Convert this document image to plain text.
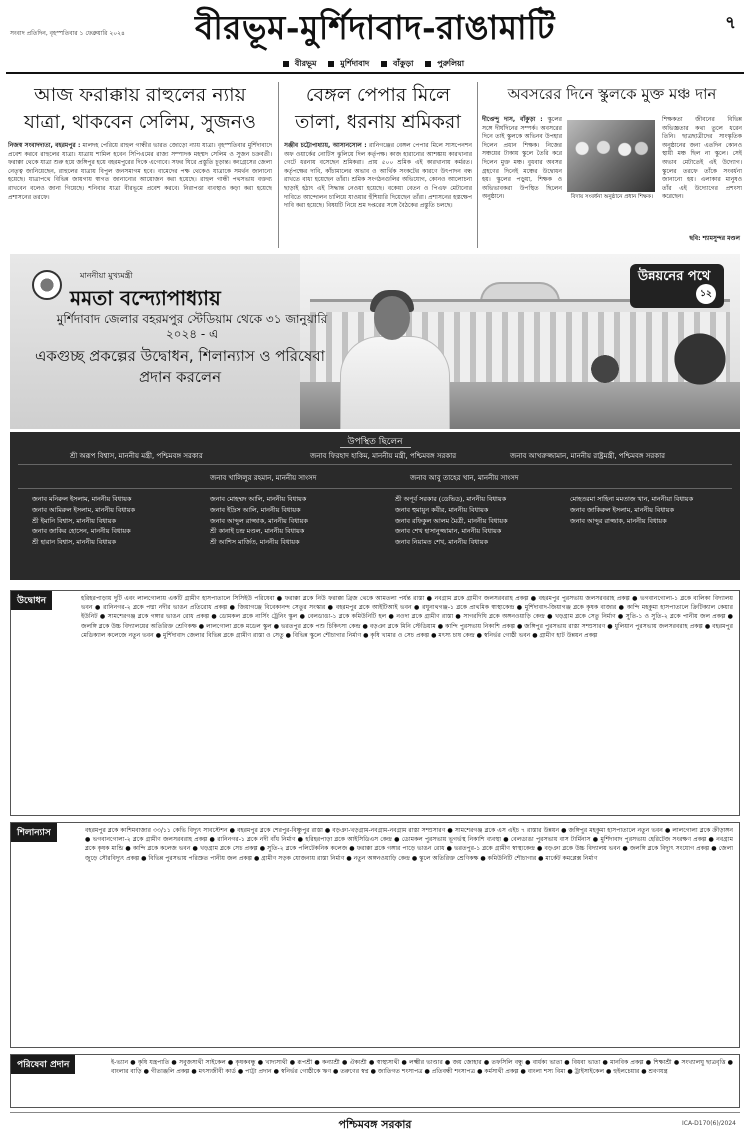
সংবাদ প্রতিদিন, বৃহস্পতিবার ১ ফেব্রুয়ারি ২০২৪	বীরভূম-মুর্শিদাবাদ-রাঙামাটি	৭
বীরভূম	মুর্শিদাবাদ	বাঁকুড়া	পুরুলিয়া
আজ ফরাক্কায় রাহুলের ন্যায়
যাত্রা, থাকবেন সেলিম, সুজনও

নিজস্ব সংবাদদাতা, বহরমপুর : মালদহ পেরিয়ে রাহুল গান্ধীর ভারত জোড়ো ন্যায় যাত্রা। বৃহস্পতিবার মুর্শিদাবাদে প্রবেশ করবে রাহুলের যাত্রা। যাত্রায় শামিল হবেন সিপিএমের রাজ্য সম্পাদক মহম্মদ সেলিম ও সুজন চক্রবর্তী। ফরাক্কা থেকে যাত্রা শুরু হয়ে জঙ্গিপুর হয়ে বহরমপুরের দিকে এগোবে। সফর ঘিরে প্রস্তুতি চূড়ান্ত। কংগ্রেসের জেলা নেতৃত্ব জানিয়েছেন, রাহুলের যাত্রায় বিপুল জনসমাগম হবে। বামেদের পক্ষ থেকেও যাত্রাকে সমর্থন জানানো হয়েছে। যাত্রাপথে বিভিন্ন জায়গায় স্বাগত জানানোর আয়োজন করা হয়েছে। রাহুল গান্ধী পথসভায় বক্তব্য রাখবেন বলেও জানা গিয়েছে। শনিবার যাত্রা বীরভূমে প্রবেশ করবে। নিরাপত্তা ব্যবস্থাও কড়া করা হয়েছে প্রশাসনের তরফে।

বেঙ্গল পেপার মিলে
তালা, ধরনায় শ্রমিকরা

সঞ্জীব চট্টোপাধ্যায়, আসানসোল : রানিগঞ্জের বেঙ্গল পেপার মিলে সাসপেনশন অফ ওয়ার্কের নোটিস ঝুলিয়ে দিল কর্তৃপক্ষ। কাজ হারানোর আশঙ্কায় কারখানার গেটে ধরনায় বসেছেন শ্রমিকরা। প্রায় ৫০০ শ্রমিক এই কারখানায় কর্মরত। কর্তৃপক্ষের দাবি, কাঁচামালের অভাব ও আর্থিক সংকটের কারণে উৎপাদন বন্ধ রাখতে বাধ্য হয়েছেন তাঁরা। শ্রমিক সংগঠনগুলির অভিযোগ, কোনও আলোচনা ছাড়াই হঠাৎ এই সিদ্ধান্ত নেওয়া হয়েছে। বকেয়া বেতন ও পিএফ মেটানোর দাবিতে আন্দোলন চালিয়ে যাওয়ার হুঁশিয়ারি দিয়েছেন তাঁরা। প্রশাসনের হস্তক্ষেপ দাবি করা হয়েছে। বিষয়টি নিয়ে শ্রম দপ্তরের সঙ্গে বৈঠকের প্রস্তুতি চলছে।

অবসরের দিনে স্কুলকে মুক্ত মঞ্চ দান

দীপ্তেন্দু দাস, বাঁকুড়া : স্কুলের সঙ্গে দীর্ঘদিনের সম্পর্ক। অবসরের দিনে তাই স্কুলকে অভিনব উপহার দিলেন প্রধান শিক্ষক। নিজের সঞ্চয়ের টাকায় স্কুলে তৈরি করে দিলেন মুক্ত মঞ্চ। বুধবার অবসর গ্রহণের দিনেই মঞ্চের উদ্বোধন হয়। স্কুলের পড়ুয়া, শিক্ষক ও অভিভাবকরা উপস্থিত ছিলেন অনুষ্ঠানে।	বিদায় সংবর্ধনা অনুষ্ঠানে প্রধান শিক্ষক।

শিক্ষকতা জীবনের বিভিন্ন অভিজ্ঞতার কথা তুলে ধরেন তিনি। ছাত্রছাত্রীদের সাংস্কৃতিক অনুষ্ঠানের জন্য এতদিন কোনও স্থায়ী মঞ্চ ছিল না স্কুলে। সেই অভাব মেটাতেই এই উদ্যোগ। স্কুলের তরফে তাঁকে সংবর্ধনা জানানো হয়। এলাকার মানুষও তাঁর এই উদ্যোগের প্রশংসা করেছেন।

ছবি: শ্যামসুন্দর মণ্ডল
মাননীয়া মুখ্যমন্ত্রী
মমতা বন্দ্যোপাধ্যায়
মুর্শিদাবাদ জেলার বহরমপুর স্টেডিয়াম থেকে ৩১ জানুয়ারি ২০২৪ - এ
একগুচ্ছ প্রকল্পের উদ্বোধন, শিলান্যাস ও পরিষেবা প্রদান করলেন
উন্নয়নের পথে
১২
উপস্থিত ছিলেন
শ্রী অরূপ বিশ্বাস, মাননীয় মন্ত্রী, পশ্চিমবঙ্গ সরকার	জনাব ফিরহাদ হাকিম, মাননীয় মন্ত্রী, পশ্চিমবঙ্গ সরকার	জনাব আখরুজ্জামান, মাননীয় রাষ্ট্রমন্ত্রী, পশ্চিমবঙ্গ সরকার
জনাব খালিলুর রহমান, মাননীয় সাংসদ	জনাব আবু তাহের খান, মাননীয় সাংসদ
জনাব মনিরুল ইসলাম, মাননীয় বিধায়ক
জনাব আমিরুল ইসলাম, মাননীয় বিধায়ক
শ্রী ইমানি বিশ্বাস, মাননীয় বিধায়ক
জনাব জাকির হোসেন, মাননীয় বিধায়ক
শ্রী হারান বিশ্বাস, মাননীয় বিধায়ক
জনাব মোহম্মদ আলি, মাননীয় বিধায়ক
জনাব ইদ্রিস আলি, মাননীয় বিধায়ক
জনাব আব্দুল রাজ্জাক, মাননীয় বিধায়ক
শ্রী কানাই চন্দ্র মণ্ডল, মাননীয় বিধায়ক
শ্রী আশিস মার্জিত, মাননীয় বিধায়ক
শ্রী অপূর্ব সরকার (ডেভিড), মাননীয় বিধায়ক
জনাব হুমায়ুন কবীর, মাননীয় বিধায়ক
জনাব রফিকুল আলম মৈত্রী, মাননীয় বিধায়ক
জনাব শেখ হাসানুজ্জামান, মাননীয় বিধায়ক
জনাব নিয়ামত শেখ, মাননীয় বিধায়ক
মোহতরমা সাহিনা মমতাজ খান, মাননীয়া বিধায়ক
জনাব জাকিরুল ইসলাম, মাননীয় বিধায়ক
জনাব আব্দুর রাজ্জাক, মাননীয় বিধায়ক
উদ্বোধন	হরিহরপাড়ায় দুটি এবং লালগোলায় একটি গ্রামীণ হাসপাতালে সিসিইউ পরিষেবা ● ফরাক্কা ব্লকে নিউ ফরাক্কা ব্রিজ থেকে আমতলা পর্যন্ত রাস্তা ● নবগ্রাম ব্লকে গ্রামীণ জলসরবরাহ প্রকল্প ● বহরমপুর পুরসভায় জলসরবরাহ প্রকল্প ● ভগবানগোলা-১ ব্লকে বালিকা বিদ্যালয় ভবন ● রানিনগর-২ ব্লকে পদ্মা নদীর ভাঙন প্রতিরোধ প্রকল্প ● জিয়াগঞ্জে বিবেকানন্দ সেতুর সংস্কার ● বহরমপুর ব্লকে আইটিআই ভবন ● রঘুনাথগঞ্জ-১ ব্লকে প্রাথমিক স্বাস্থ্যকেন্দ্র ● মুর্শিদাবাদ-জিয়াগঞ্জ ব্লকে কৃষক বাজার ● কান্দি মহকুমা হাসপাতালে ক্রিটিক্যাল কেয়ার ইউনিট ● সামশেরগঞ্জ ব্লকে গঙ্গার ভাঙন রোধ প্রকল্প ● ডোমকল ব্লকে নার্সিং ট্রেনিং স্কুল ● বেলডাঙা-১ ব্লকে কমিউনিটি হল ● নওদা ব্লকে গ্রামীণ রাস্তা ● সাগরদিঘি ব্লকে অঙ্গনওয়াড়ি কেন্দ্র ● খড়গ্রাম ব্লকে সেতু নির্মাণ ● সুতি-১ ও সুতি-২ ব্লকে পানীয় জল প্রকল্প ● জলঙ্গি ব্লকে উচ্চ বিদ্যালয়ের অতিরিক্ত শ্রেণিকক্ষ ● লালগোলা ব্লকে মডেল স্কুল ● ভরতপুর ব্লকে পশু চিকিৎসা কেন্দ্র ● বড়ঞা ব্লকে মিনি স্টেডিয়াম ● কান্দি পুরসভায় নিকাশি প্রকল্প ● জঙ্গিপুর পুরসভায় রাস্তা সম্প্রসারণ ● ধুলিয়ান পুরসভায় জলসরবরাহ প্রকল্প ● বহরমপুর মেডিক্যাল কলেজে নতুন ভবন ● মুর্শিদাবাদ জেলার বিভিন্ন ব্লকে গ্রামীণ রাস্তা ও সেতু ● বিভিন্ন স্কুলে শৌচাগার নির্মাণ ● কৃষি খামার ও সেচ প্রকল্প ● মৎস্য চাষ কেন্দ্র ● স্বনির্ভর গোষ্ঠী ভবন ● গ্রামীণ হাট উন্নয়ন প্রকল্প
শিলান্যাস	বহরমপুর ব্লকে কাশিমবাজার ৩৩/১১ কেভি বিদ্যুৎ সাবস্টেশন ● বহরমপুর ব্লকে শেরপুর-বিষ্ণুপুর রাস্তা ● বড়ঞা-খড়গ্রাম-নবগ্রাম-নবগ্রাম রাস্তা সম্প্রসারণ ● সামশেরগঞ্জ ব্লকে এস এইচ ৭ রাস্তার উন্নয়ন ● জঙ্গিপুর মহকুমা হাসপাতালে নতুন ভবন ● লালগোলা ব্লকে ক্রীড়াঙ্গন ● ভগবানগোলা-২ ব্লকে গ্রামীণ জলসরবরাহ প্রকল্প ● রানিনগর-১ ব্লকে নদী বাঁধ নির্মাণ ● হরিহরপাড়া ব্লকে আইসিডিএস কেন্দ্র ● ডোমকল পুরসভায় ভূগর্ভস্থ নিকাশি ব্যবস্থা ● বেলডাঙা পুরসভায় বাস টার্মিনাস ● মুর্শিদাবাদ পুরসভায় হেরিটেজ সংরক্ষণ প্রকল্প ● নবগ্রাম ব্লকে কৃষক মান্ডি ● কান্দি ব্লকে কলেজ ভবন ● খড়গ্রাম ব্লকে সেচ প্রকল্প ● সুতি-২ ব্লকে পলিটেকনিক কলেজ ● ফরাক্কা ব্লকে গঙ্গার পাড়ে ভাঙন রোধ ● ভরতপুর-১ ব্লকে গ্রামীণ স্বাস্থ্যকেন্দ্র ● বড়ঞা ব্লকে উচ্চ বিদ্যালয় ভবন ● জলঙ্গি ব্লকে বিদ্যুৎ সংযোগ প্রকল্প ● জেলা জুড়ে সৌরবিদ্যুৎ প্রকল্প ● বিভিন্ন পুরসভায় পরিস্রুত পানীয় জল প্রকল্প ● গ্রামীণ সড়ক যোজনায় রাস্তা নির্মাণ ● নতুন অঙ্গনওয়াড়ি কেন্দ্র ● স্কুলে অতিরিক্ত শ্রেণিকক্ষ ● কমিউনিটি শৌচাগার ● মার্কেট কমপ্লেক্স নির্মাণ
পরিষেবা প্রদান	ই-ভ্যান ● কৃষি যন্ত্রপাতি ● সবুজসাথী সাইকেল ● কৃষকবন্ধু ● খাদ্যসাথী ● রূপশ্রী ● কন্যাশ্রী ● ঐক্যশ্রী ● স্বাস্থ্যসাথী ● লক্ষ্মীর ভাণ্ডার ● জয় জোহার ● তফসিলি বন্ধু ● বার্ধক্য ভাতা ● বিধবা ভাতা ● মানবিক প্রকল্প ● শিক্ষাশ্রী ● সংখ্যালঘু ছাত্রবৃত্তি ● বাংলার বাড়ি ● গীতাঞ্জলি প্রকল্প ● মৎস্যজীবী কার্ড ● পাট্টা প্রদান ● স্বনির্ভর গোষ্ঠীকে ঋণ ● তরুণের স্বপ্ন ● জাতিগত শংসাপত্র ● প্রতিবন্ধী শংসাপত্র ● কর্মসাথী প্রকল্প ● বাংলা শস্য বিমা ● ট্রাইসাইকেল ● হুইলচেয়ার ● শ্রবণযন্ত্র
পশ্চিমবঙ্গ সরকার	ICA-D170(6)/2024
